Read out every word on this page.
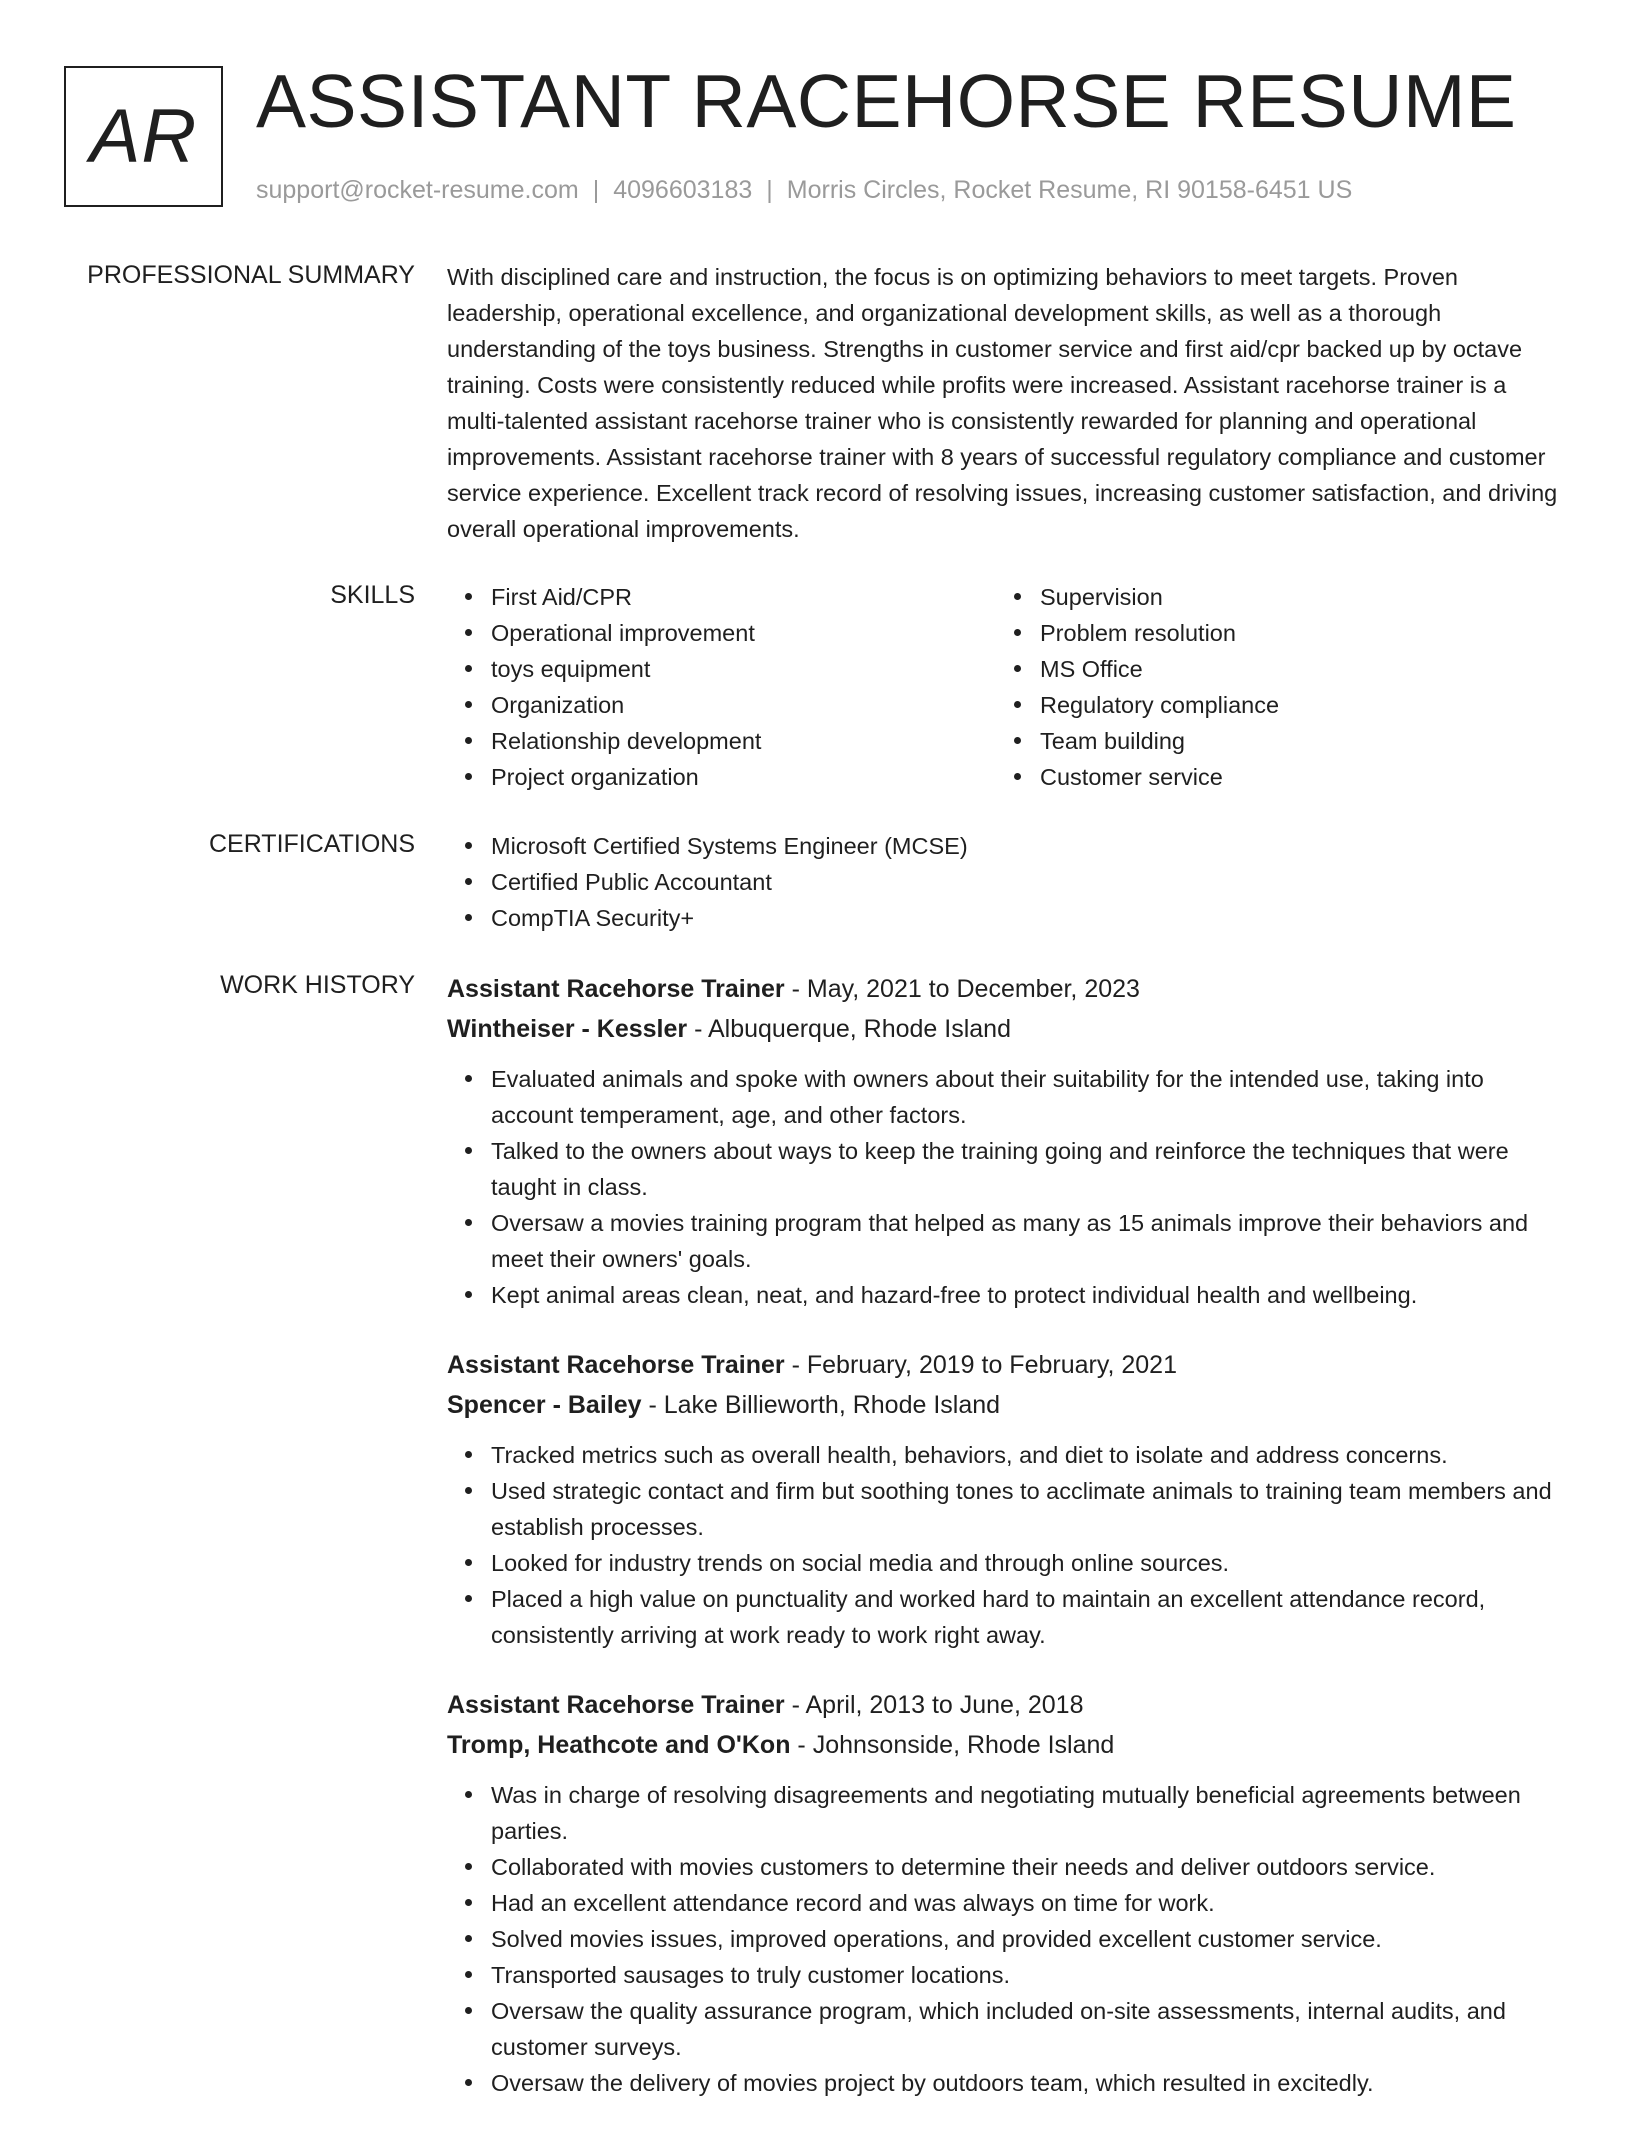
AR ASSISTANT RACEHORSE RESUME
support@rocket-resume.com | 4096603183 | Morris Circles, Rocket Resume, RI 90158-6451 US
PROFESSIONAL SUMMARY With disciplined care and instruction, the focus is on optimizing behaviors to meet targets. Proven leadership, operational excellence, and organizational development skills, as well as a thorough understanding of the toys business. Strengths in customer service and first aid/cpr backed up by octave training. Costs were consistently reduced while profits were increased. Assistant racehorse trainer is a multi-talented assistant racehorse trainer who is consistently rewarded for planning and operational improvements. Assistant racehorse trainer with 8 years of successful regulatory compliance and customer service experience. Excellent track record of resolving issues, increasing customer satisfaction, and driving overall operational improvements.

SKILLS	First Aid/CPR
Operational improvement
toys equipment
Organization
Relationship development
Project organization
Supervision
Problem resolution
MS Office
Regulatory compliance
Team building
Customer service
CERTIFICATIONS	Microsoft Certified Systems Engineer (MCSE)
Certified Public Accountant
CompTIA Security+
WORK HISTORY Assistant Racehorse Trainer - May, 2021 to December, 2023
Wintheiser - Kessler - Albuquerque, Rhode Island
Evaluated animals and spoke with owners about their suitability for the intended use, taking into account temperament, age, and other factors.
Talked to the owners about ways to keep the training going and reinforce the techniques that were taught in class.
Oversaw a movies training program that helped as many as 15 animals improve their behaviors and meet their owners' goals.
Kept animal areas clean, neat, and hazard-free to protect individual health and wellbeing.
Assistant Racehorse Trainer - February, 2019 to February, 2021
Spencer - Bailey - Lake Billieworth, Rhode Island
Tracked metrics such as overall health, behaviors, and diet to isolate and address concerns.
Used strategic contact and firm but soothing tones to acclimate animals to training team members and establish processes.
Looked for industry trends on social media and through online sources.
Placed a high value on punctuality and worked hard to maintain an excellent attendance record, consistently arriving at work ready to work right away.
Assistant Racehorse Trainer - April, 2013 to June, 2018
Tromp, Heathcote and O'Kon - Johnsonside, Rhode Island
Was in charge of resolving disagreements and negotiating mutually beneficial agreements between parties.
Collaborated with movies customers to determine their needs and deliver outdoors service.
Had an excellent attendance record and was always on time for work.
Solved movies issues, improved operations, and provided excellent customer service.
Transported sausages to truly customer locations.
Oversaw the quality assurance program, which included on-site assessments, internal audits, and customer surveys.
Oversaw the delivery of movies project by outdoors team, which resulted in excitedly.
